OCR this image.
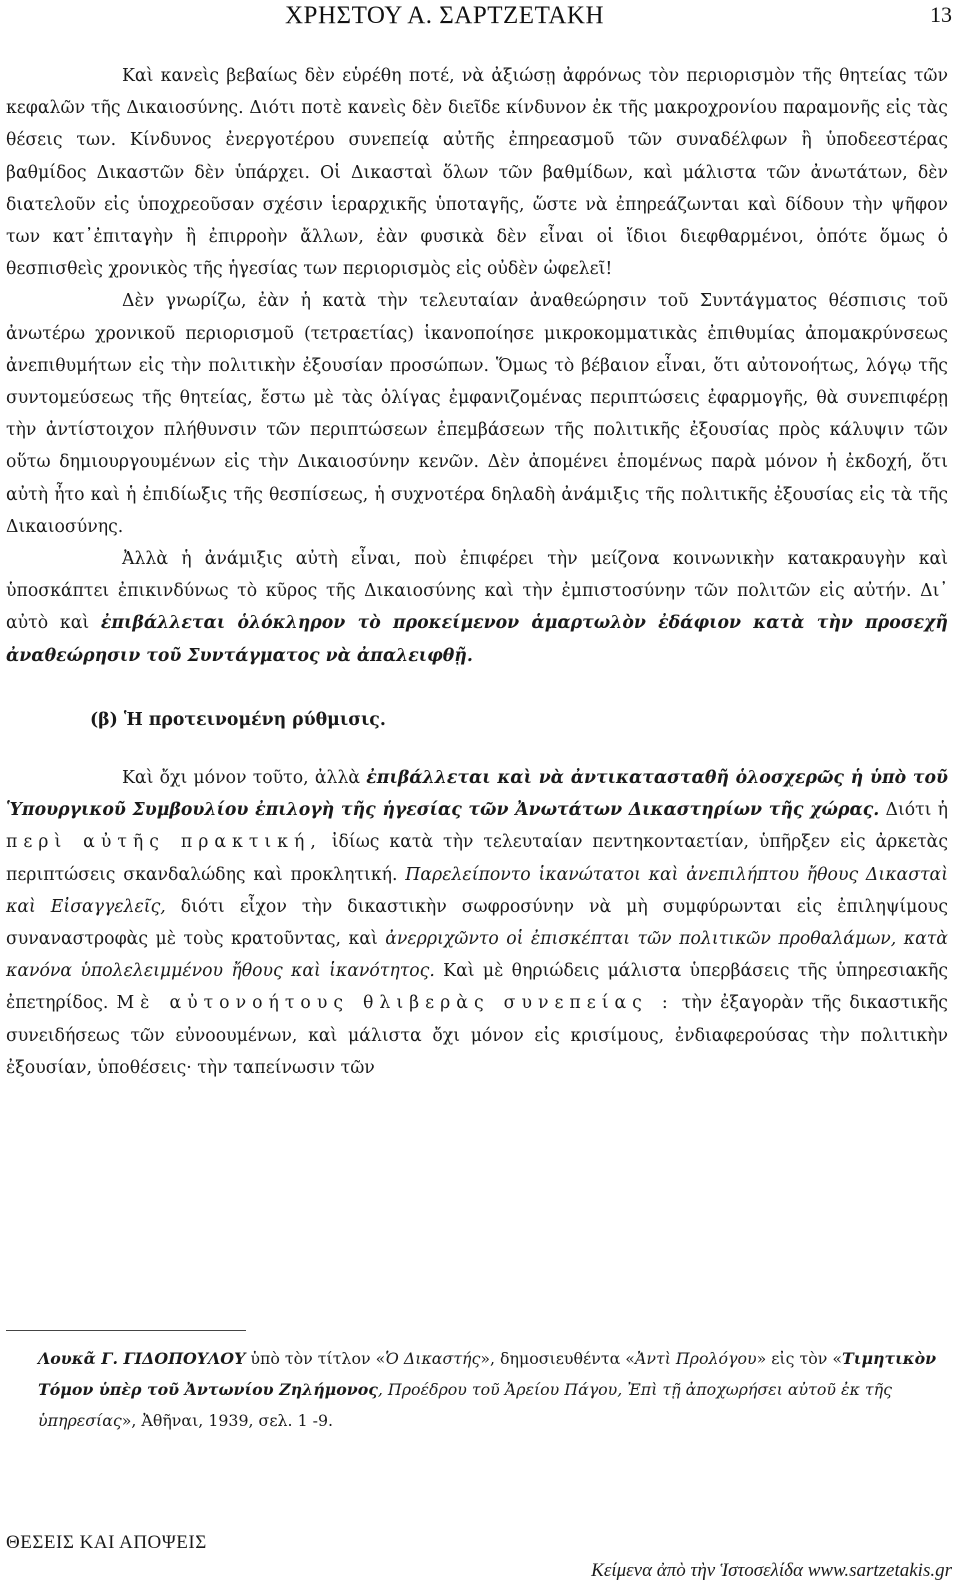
ΧΡΗΣΤΟΥ Α. ΣΑΡΤΖΕΤΑΚΗ	13

Καὶ κανεὶς βεβαίως δὲν εὑρέθη ποτέ, νὰ ἀξιώσῃ ἀφρόνως τὸν περιορισμὸν τῆς θητείας τῶν κεφαλῶν τῆς Δικαιοσύνης. Διότι ποτὲ κανεὶς δὲν διεῖδε κίνδυνον ἐκ τῆς μακροχρονίου παραμονῆς εἰς τὰς θέσεις των. Κίνδυνος ἐνεργοτέρου συνεπείᾳ αὐτῆς ἐπηρεασμοῦ τῶν συναδέλφων ἢ ὑποδεεστέρας βαθμίδος Δικαστῶν δὲν ὑπάρχει. Οἱ Δικασταὶ ὅλων τῶν βαθμίδων, καὶ μάλιστα τῶν ἀνωτάτων, δὲν διατελοῦν εἰς ὑποχρεοῦσαν σχέσιν ἱεραρχικῆς ὑποταγῆς, ὥστε νὰ ἐπηρεάζωνται καὶ δίδουν τὴν ψῆφον των κατ᾽ἐπιταγὴν ἢ ἐπιρροὴν ἄλλων, ἐὰν φυσικὰ δὲν εἶναι οἱ ἴδιοι διεφθαρμένοι, ὁπότε ὅμως ὁ θεσπισθεὶς χρονικὸς τῆς ἡγεσίας των περιορισμὸς εἰς οὐδὲν ὠφελεῖ!

Δὲν γνωρίζω, ἐὰν ἡ κατὰ τὴν τελευταίαν ἀναθεώρησιν τοῦ Συντάγματος θέσπισις τοῦ ἀνωτέρω χρονικοῦ περιορισμοῦ (τετραετίας) ἱκανοποίησε μικροκομματικὰς ἐπιθυμίας ἀπομακρύνσεως ἀνεπιθυμήτων εἰς τὴν πολιτικὴν ἐξουσίαν προσώπων. Ὅμως τὸ βέβαιον εἶναι, ὅτι αὐτονοήτως, λόγῳ τῆς συντομεύσεως τῆς θητείας, ἔστω μὲ τὰς ὀλίγας ἐμφανιζομένας περιπτώσεις ἐφαρμογῆς, θὰ συνεπιφέρῃ τὴν ἀντίστοιχον πλήθυνσιν τῶν περιπτώσεων ἐπεμβάσεων τῆς πολιτικῆς ἐξουσίας πρὸς κάλυψιν τῶν οὕτω δημιουργουμένων εἰς τὴν Δικαιοσύνην κενῶν. Δὲν ἀπομένει ἑπομένως παρὰ μόνον ἡ ἐκδοχή, ὅτι αὐτὴ ἦτο καὶ ἡ ἐπιδίωξις τῆς θεσπίσεως, ἡ συχνοτέρα δηλαδὴ ἀνάμιξις τῆς πολιτικῆς ἐξουσίας εἰς τὰ τῆς Δικαιοσύνης.

Ἀλλὰ ἡ ἀνάμιξις αὐτὴ εἶναι, ποὺ ἐπιφέρει τὴν μείζονα κοινωνικὴν κατακραυγὴν καὶ ὑποσκάπτει ἐπικινδύνως τὸ κῦρος τῆς Δικαιοσύνης καὶ τὴν ἐμπιστοσύνην τῶν πολιτῶν εἰς αὐτήν. Δι᾽ αὐτὸ καὶ ἐπιβάλλεται ὁλόκληρον τὸ προκείμενον ἁμαρτωλὸν ἐδάφιον κατὰ τὴν προσεχῆ ἀναθεώρησιν τοῦ Συντάγματος νὰ ἀπαλειφθῇ.

(β) Ἡ προτεινομένη ρύθμισις.

Καὶ ὄχι μόνον τοῦτο, ἀλλὰ ἐπιβάλλεται καὶ νὰ ἀντικατασταθῆ ὁλοσχερῶς ἡ ὑπὸ τοῦ Ὑπουργικοῦ Συμβουλίου ἐπιλογὴ τῆς ἡγεσίας τῶν Ἀνωτάτων Δικαστηρίων τῆς χώρας. Διότι ἡ περὶ αὐτῆς πρακτική, ἰδίως κατὰ τὴν τελευταίαν πεντηκονταετίαν, ὑπῆρξεν εἰς ἀρκετὰς περιπτώσεις σκανδαλώδης καὶ προκλητική. Παρελείποντο ἱκανώτατοι καὶ ἀνεπιλήπτου ἤθους Δικασταὶ καὶ Εἰσαγγελεῖς, διότι εἶχον τὴν δικαστικὴν σωφροσύνην νὰ μὴ συμφύρωνται εἰς ἐπιληψίμους συναναστροφὰς μὲ τοὺς κρατοῦντας, καὶ ἀνερριχῶντο οἱ ἐπισκέπται τῶν πολιτικῶν προθαλάμων, κατὰ κανόνα ὑπολελειμμένου ἤθους καὶ ἱκανότητος. Καὶ μὲ θηριώδεις μάλιστα ὑπερβάσεις τῆς ὑπηρεσιακῆς ἐπετηρίδος. Μὲ αὐτονοήτους θλιβερὰς συνεπείας : τὴν ἐξαγορὰν τῆς δικαστικῆς συνειδήσεως τῶν εὐνοουμένων, καὶ μάλιστα ὄχι μόνον εἰς κρισίμους, ἐνδιαφερούσας τὴν πολιτικὴν ἐξουσίαν, ὑποθέσεις· τὴν ταπείνωσιν τῶν

Λουκᾶ Γ. ΓΙΔΟΠΟΥΛΟΥ ὑπὸ τὸν τίτλον «Ὁ Δικαστής», δημοσιευθέντα «Ἀντὶ Προλόγου» εἰς τὸν «Τιμητικὸν Τόμον ὑπὲρ τοῦ Ἀντωνίου Ζηλήμονος, Προέδρου τοῦ Ἀρείου Πάγου, Ἐπὶ τῇ ἀποχωρήσει αὐτοῦ ἐκ τῆς ὑπηρεσίας», Ἀθῆναι, 1939, σελ. 1 -9.

ΘΕΣΕΙΣ ΚΑΙ ΑΠΟΨΕΙΣ
Κείμενα ἀπὸ τὴν Ἱστοσελίδα www.sartzetakis.gr
